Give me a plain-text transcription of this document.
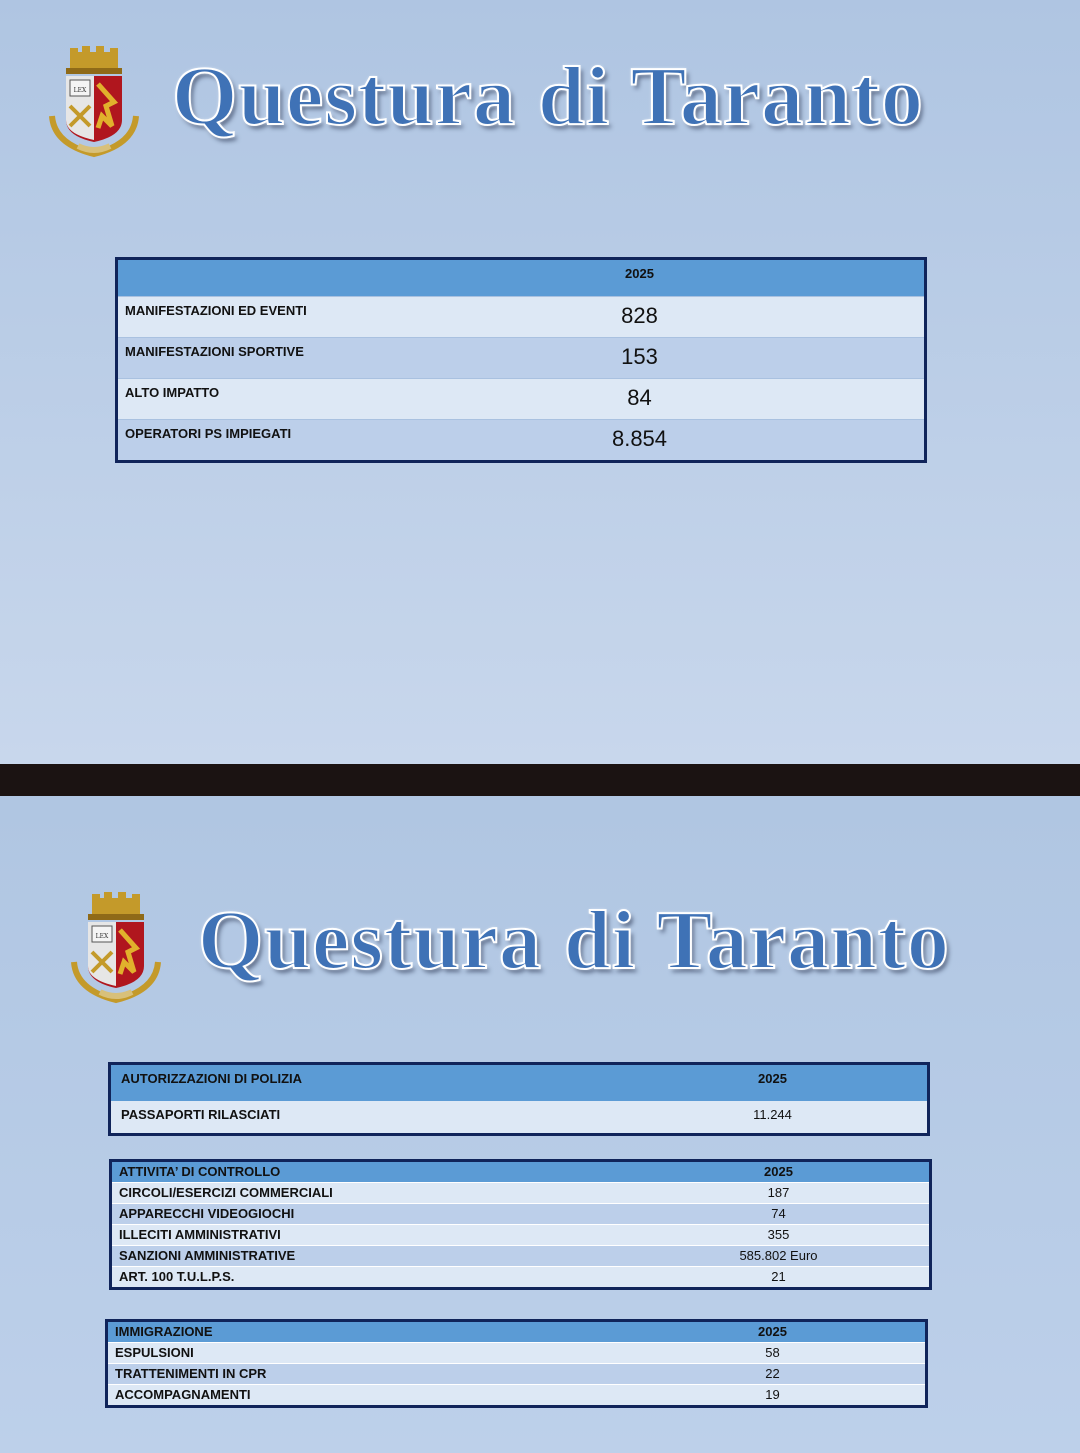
LEX Questura di Taranto
	2025	
MANIFESTAZIONI ED EVENTI	828	
MANIFESTAZIONI SPORTIVE	153	
ALTO IMPATTO	84	
OPERATORI PS IMPIEGATI	8.854	
LEX Questura di Taranto
AUTORIZZAZIONI DI POLIZIA	2025	
PASSAPORTI RILASCIATI	11.244	
ATTIVITA’ DI CONTROLLO	2025	
CIRCOLI/ESERCIZI COMMERCIALI	187	
APPARECCHI VIDEOGIOCHI	74	
ILLECITI AMMINISTRATIVI	355	
SANZIONI AMMINISTRATIVE	585.802 Euro	
ART. 100 T.U.L.P.S.	21	
IMMIGRAZIONE	2025	
ESPULSIONI	58	
TRATTENIMENTI IN CPR	22	
ACCOMPAGNAMENTI	19	
